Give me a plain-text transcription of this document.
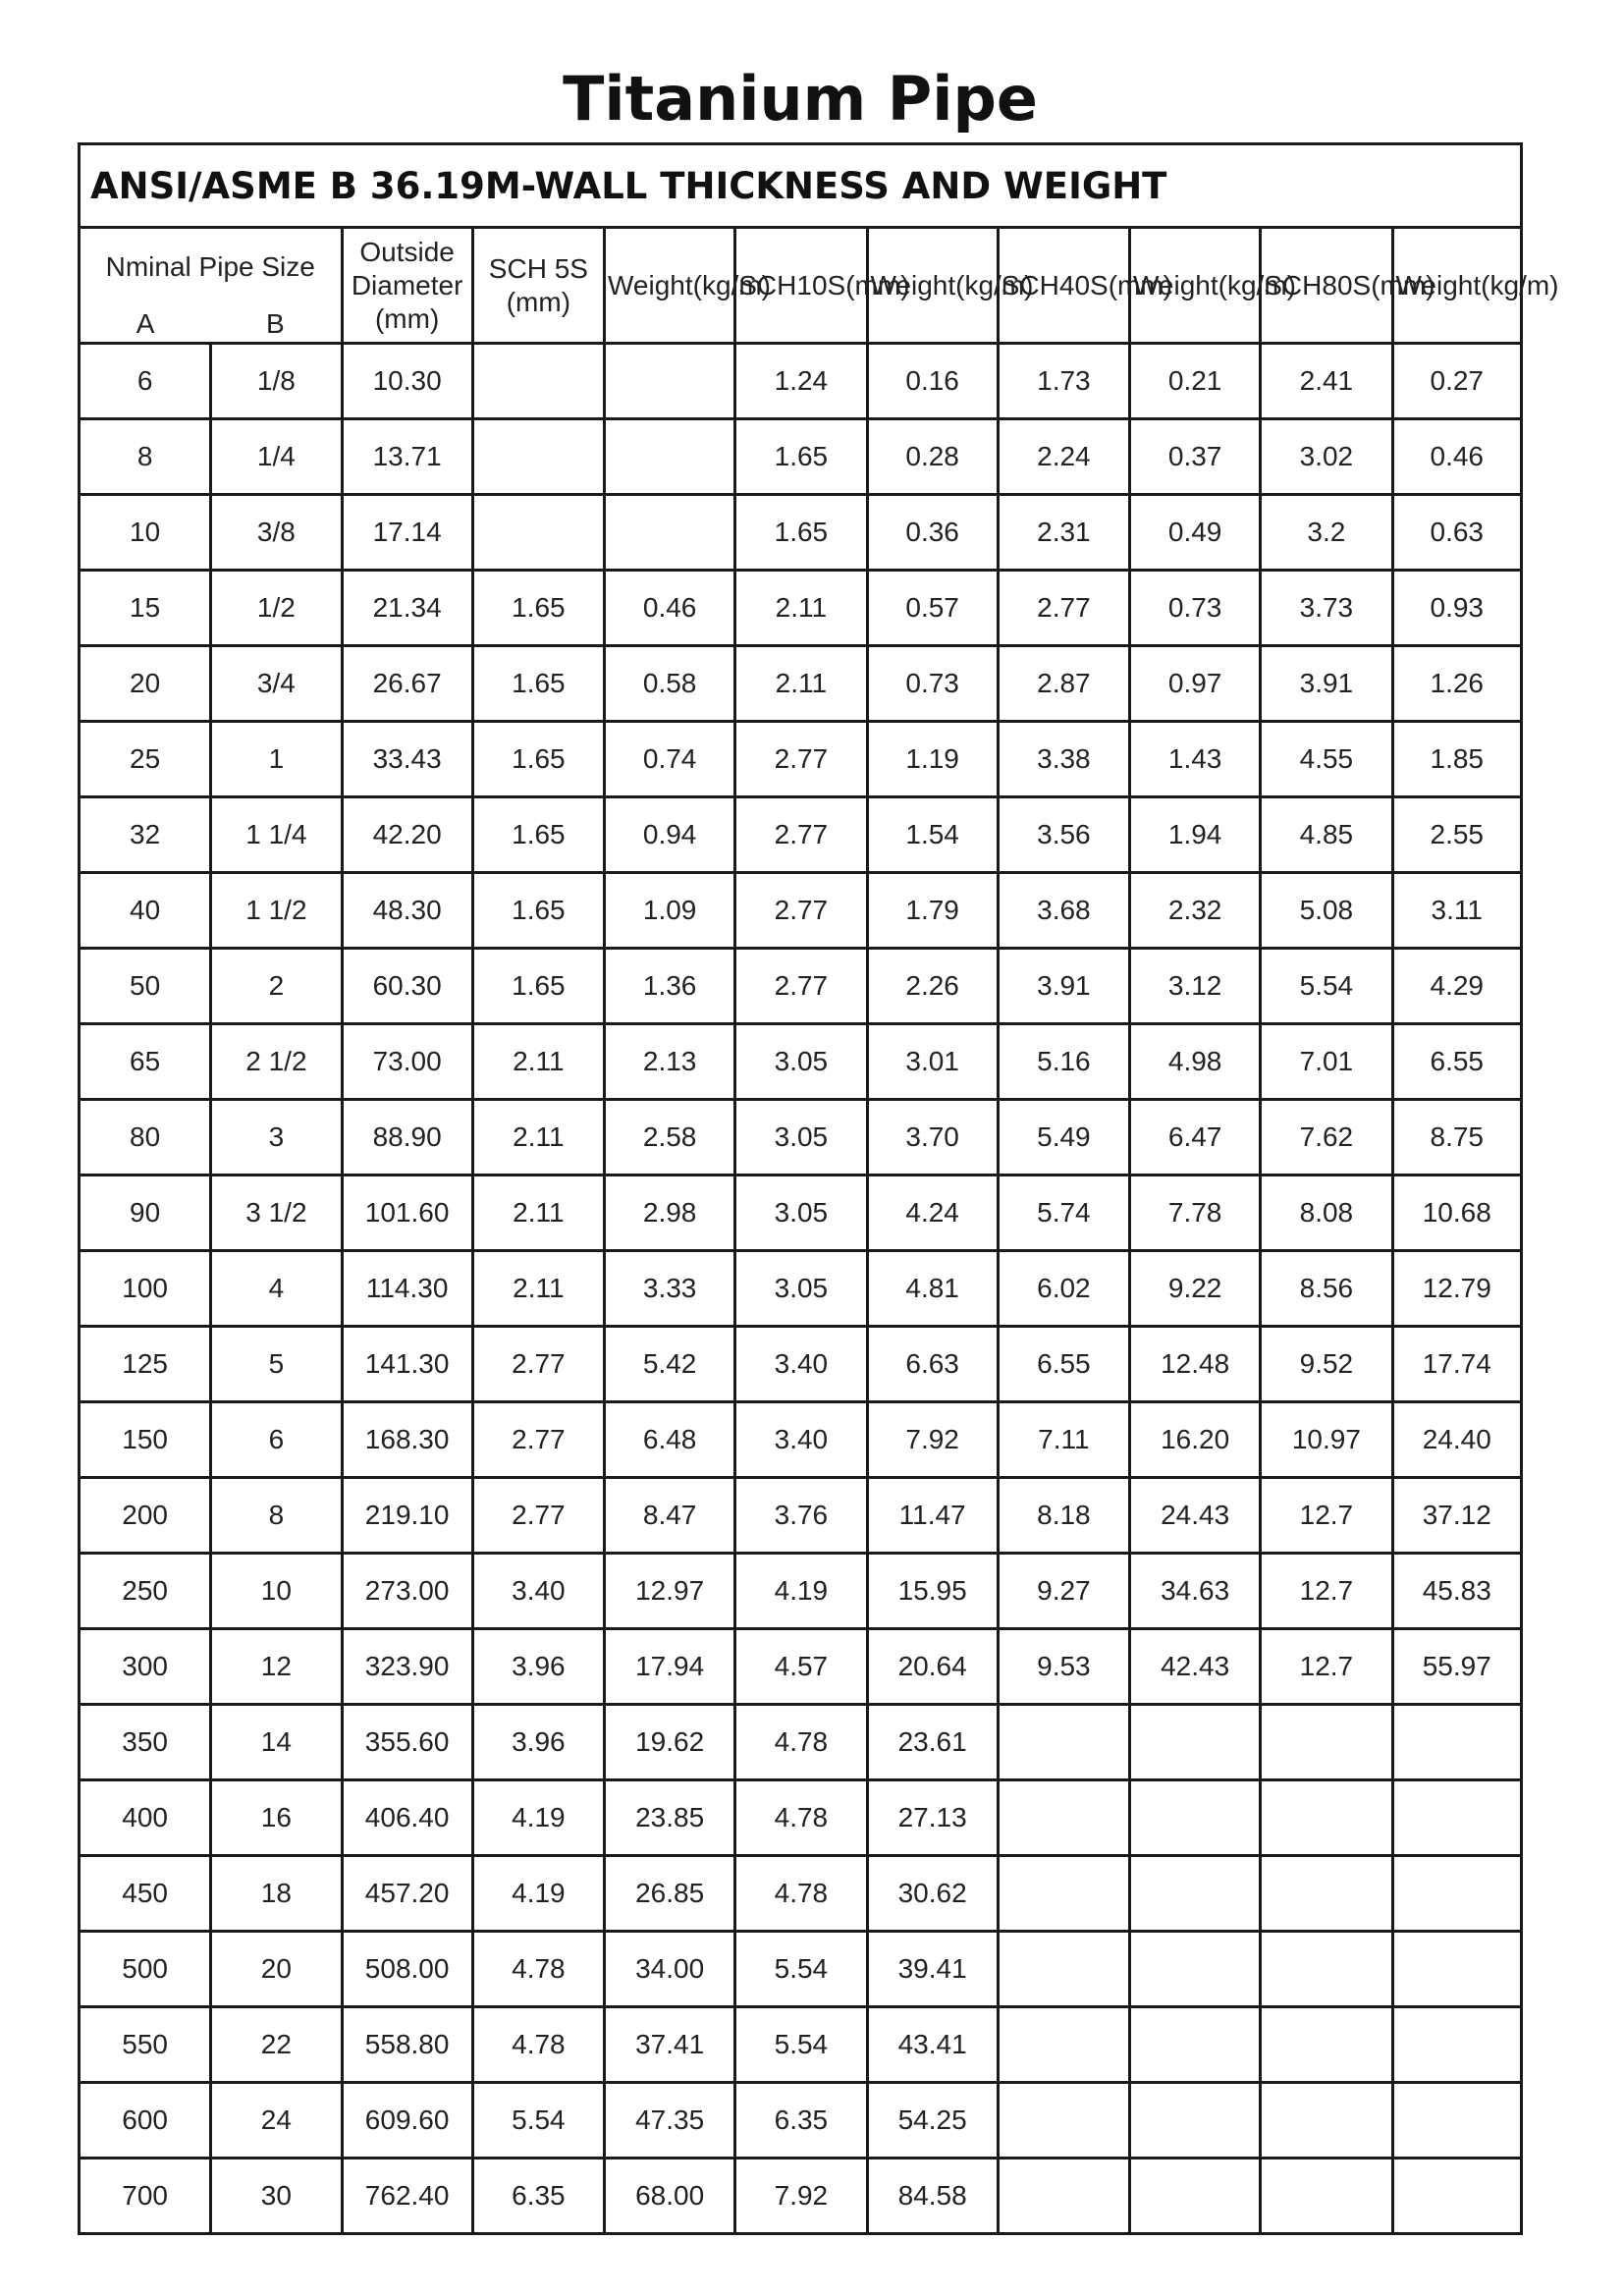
Titanium Pipe
ANSI/ASME B 36.19M-WALL THICKNESS AND WEIGHT										

Nminal Pipe Size
A B		Outside Diameter (mm)	SCH 5S (mm)	Weight(kg/m)	SCH10S(mm)	Weight(kg/m)	SCH40S(mm)	Weight(kg/m)	SCH80S(mm)	Weight(kg/m)

6	1/8	10.30			1.24	0.16	1.73	0.21	2.41	0.27
8	1/4	13.71			1.65	0.28	2.24	0.37	3.02	0.46
10	3/8	17.14			1.65	0.36	2.31	0.49	3.2	0.63
15	1/2	21.34	1.65	0.46	2.11	0.57	2.77	0.73	3.73	0.93
20	3/4	26.67	1.65	0.58	2.11	0.73	2.87	0.97	3.91	1.26
25	1	33.43	1.65	0.74	2.77	1.19	3.38	1.43	4.55	1.85
32	1 1/4	42.20	1.65	0.94	2.77	1.54	3.56	1.94	4.85	2.55
40	1 1/2	48.30	1.65	1.09	2.77	1.79	3.68	2.32	5.08	3.11
50	2	60.30	1.65	1.36	2.77	2.26	3.91	3.12	5.54	4.29
65	2 1/2	73.00	2.11	2.13	3.05	3.01	5.16	4.98	7.01	6.55
80	3	88.90	2.11	2.58	3.05	3.70	5.49	6.47	7.62	8.75
90	3 1/2	101.60	2.11	2.98	3.05	4.24	5.74	7.78	8.08	10.68
100	4	114.30	2.11	3.33	3.05	4.81	6.02	9.22	8.56	12.79
125	5	141.30	2.77	5.42	3.40	6.63	6.55	12.48	9.52	17.74
150	6	168.30	2.77	6.48	3.40	7.92	7.11	16.20	10.97	24.40
200	8	219.10	2.77	8.47	3.76	11.47	8.18	24.43	12.7	37.12
250	10	273.00	3.40	12.97	4.19	15.95	9.27	34.63	12.7	45.83
300	12	323.90	3.96	17.94	4.57	20.64	9.53	42.43	12.7	55.97
350	14	355.60	3.96	19.62	4.78	23.61				
400	16	406.40	4.19	23.85	4.78	27.13				
450	18	457.20	4.19	26.85	4.78	30.62				
500	20	508.00	4.78	34.00	5.54	39.41				
550	22	558.80	4.78	37.41	5.54	43.41				
600	24	609.60	5.54	47.35	6.35	54.25				
700	30	762.40	6.35	68.00	7.92	84.58				
